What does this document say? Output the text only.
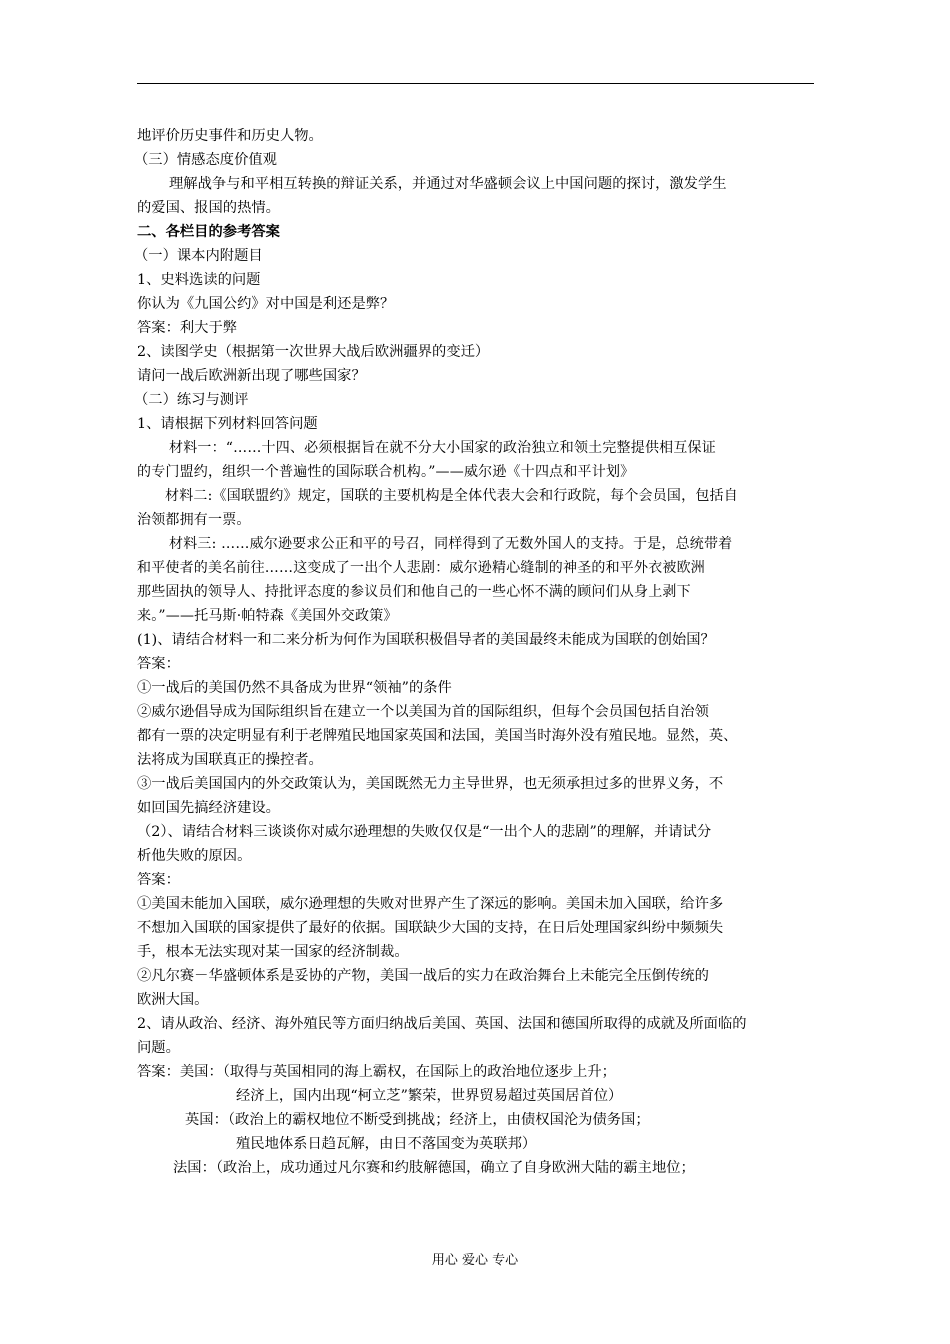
地评价历史事件和历史人物。
（三）情感态度价值观
理解战争与和平相互转换的辩证关系，并通过对华盛顿会议上中国问题的探讨，激发学生
的爱国、报国的热情。
二、各栏目的参考答案
（一）课本内附题目
1、史料选读的问题
你认为《九国公约》对中国是利还是弊？
答案：利大于弊
2、读图学史（根据第一次世界大战后欧洲疆界的变迁）
请问一战后欧洲新出现了哪些国家？
（二）练习与测评
1、请根据下列材料回答问题
材料一：“……十四、必须根据旨在就不分大小国家的政治独立和领土完整提供相互保证
的专门盟约，组织一个普遍性的国际联合机构。”——威尔逊《十四点和平计划》
材料二:《国联盟约》规定，国联的主要机构是全体代表大会和行政院，每个会员国，包括自
治领都拥有一票。
材料三: ……威尔逊要求公正和平的号召，同样得到了无数外国人的支持。于是，总统带着
和平使者的美名前往……这变成了一出个人悲剧：威尔逊精心缝制的神圣的和平外衣被欧洲
那些固执的领导人、持批评态度的参议员们和他自己的一些心怀不满的顾问们从身上剥下
来。”——托马斯·帕特森《美国外交政策》
(1)、请结合材料一和二来分析为何作为国联积极倡导者的美国最终未能成为国联的创始国？
答案：
①一战后的美国仍然不具备成为世界“领袖”的条件
②威尔逊倡导成为国际组织旨在建立一个以美国为首的国际组织，但每个会员国包括自治领
都有一票的决定明显有利于老牌殖民地国家英国和法国，美国当时海外没有殖民地。显然，英、
法将成为国联真正的操控者。
③一战后美国国内的外交政策认为，美国既然无力主导世界，也无须承担过多的世界义务，不
如回国先搞经济建设。
（2）、请结合材料三谈谈你对威尔逊理想的失败仅仅是“一出个人的悲剧”的理解，并请试分
析他失败的原因。
答案：
①美国未能加入国联，威尔逊理想的失败对世界产生了深远的影响。美国未加入国联，给许多
不想加入国联的国家提供了最好的依据。国联缺少大国的支持，在日后处理国家纠纷中频频失
手，根本无法实现对某一国家的经济制裁。
②凡尔赛－华盛顿体系是妥协的产物，美国一战后的实力在政治舞台上未能完全压倒传统的
欧洲大国。
2、请从政治、经济、海外殖民等方面归纳战后美国、英国、法国和德国所取得的成就及所面临的
问题。
答案：美国：（取得与英国相同的海上霸权，在国际上的政治地位逐步上升；
经济上，国内出现“柯立芝”繁荣，世界贸易超过英国居首位）
英国：（政治上的霸权地位不断受到挑战；经济上，由债权国沦为债务国；
殖民地体系日趋瓦解，由日不落国变为英联邦）
法国：（政治上，成功通过凡尔赛和约肢解德国，确立了自身欧洲大陆的霸主地位；
用心 爱心 专心
